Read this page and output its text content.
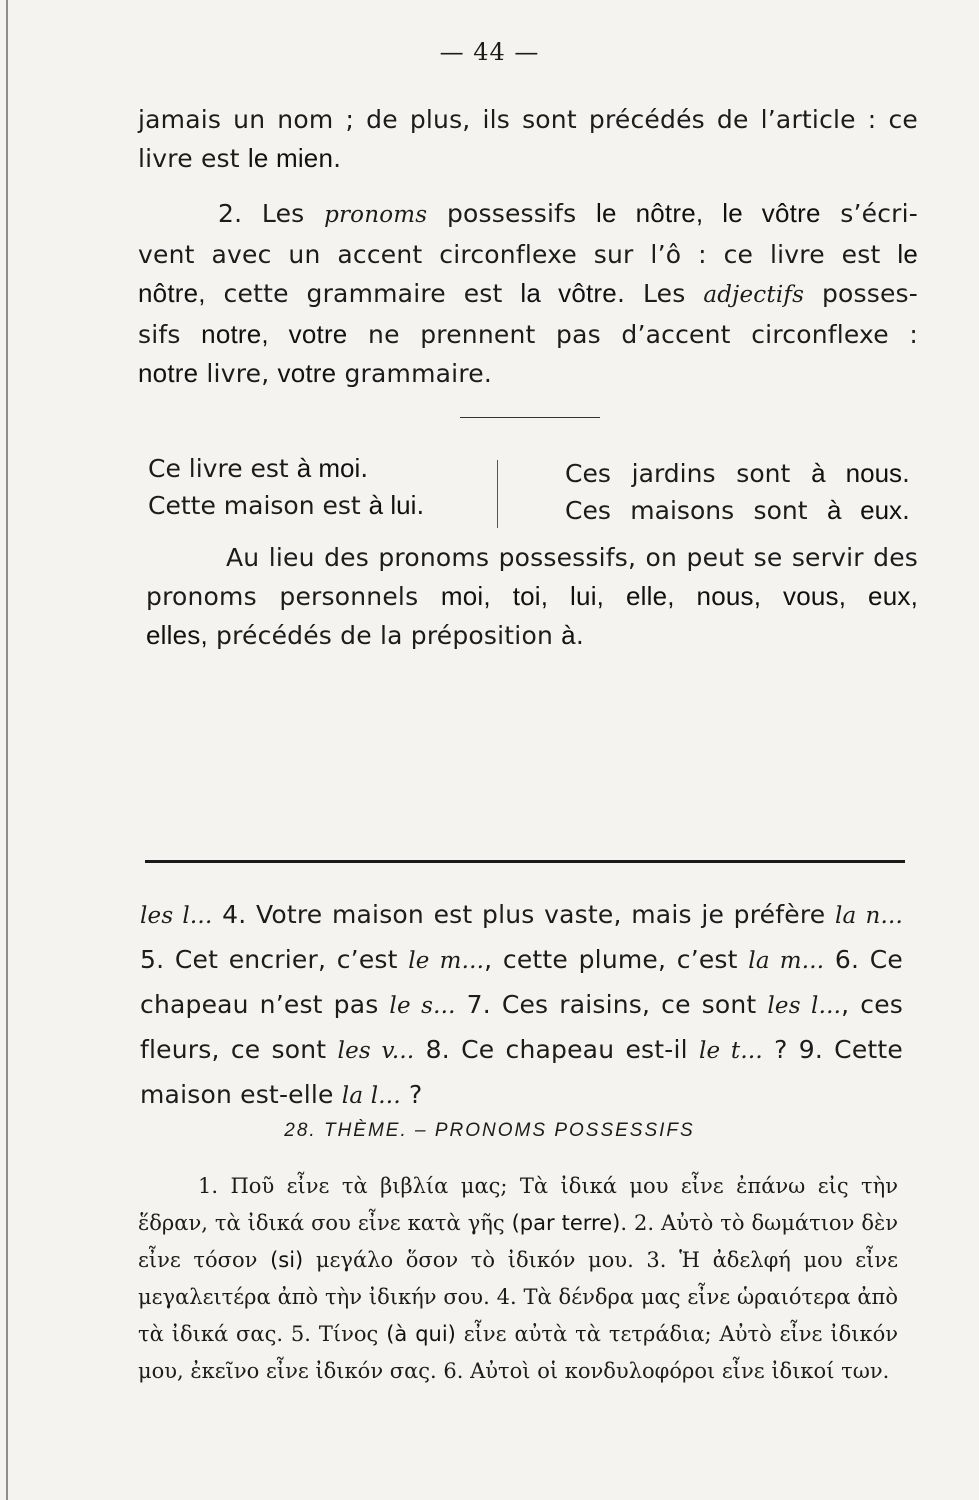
— 44 —

jamais un nom ; de plus, ils sont précédés de l’article : ce

livre est le mien.

2. Les pronoms possessifs le nôtre, le vôtre s’écri-

vent avec un accent circonflexe sur l’ô : ce livre est le

nôtre, cette grammaire est la vôtre. Les adjectifs posses-

sifs notre, votre ne prennent pas d’accent circonflexe :

notre livre, votre grammaire.

Ce livre est à moi.
Cette maison est à lui.
Ces jardins sont à nous.
Ces maisons sont à eux.

Au lieu des pronoms possessifs, on peut se servir des

pronoms personnels moi, toi, lui, elle, nous, vous, eux,

elles, précédés de la préposition à.

les l... 4. Votre maison est plus vaste, mais je préfère la n...

5. Cet encrier, c’est le m..., cette plume, c’est la m... 6. Ce

chapeau n’est pas le s... 7. Ces raisins, ce sont les l..., ces

fleurs, ce sont les v... 8. Ce chapeau est-il le t... ? 9. Cette

maison est-elle la l... ?

28. THÈME. – PRONOMS POSSESSIFS

1. Ποῦ εἶνε τὰ βιβλία μας; Τὰ ἰδικά μου εἶνε ἐπάνω εἰς τὴν ἕδραν, τὰ ἰδικά σου εἶνε κατὰ γῆς (par terre). 2. Αὐτὸ τὸ δωμάτιον δὲν εἶνε τόσον (si) μεγάλο ὅσον τὸ ἰδικόν μου. 3. Ἡ ἀδελφή μου εἶνε μεγαλειτέρα ἀπὸ τὴν ἰδικήν σου. 4. Τὰ δένδρα μας εἶνε ὡραιότερα ἀπὸ τὰ ἰδικά σας. 5. Τίνος (à qui) εἶνε αὐτὰ τὰ τετράδια; Αὐτὸ εἶνε ἰδικόν μου, ἐκεῖνο εἶνε ἰδικόν σας. 6. Αὐτοὶ οἱ κονδυλοφόροι εἶνε ἰδικοί των.
